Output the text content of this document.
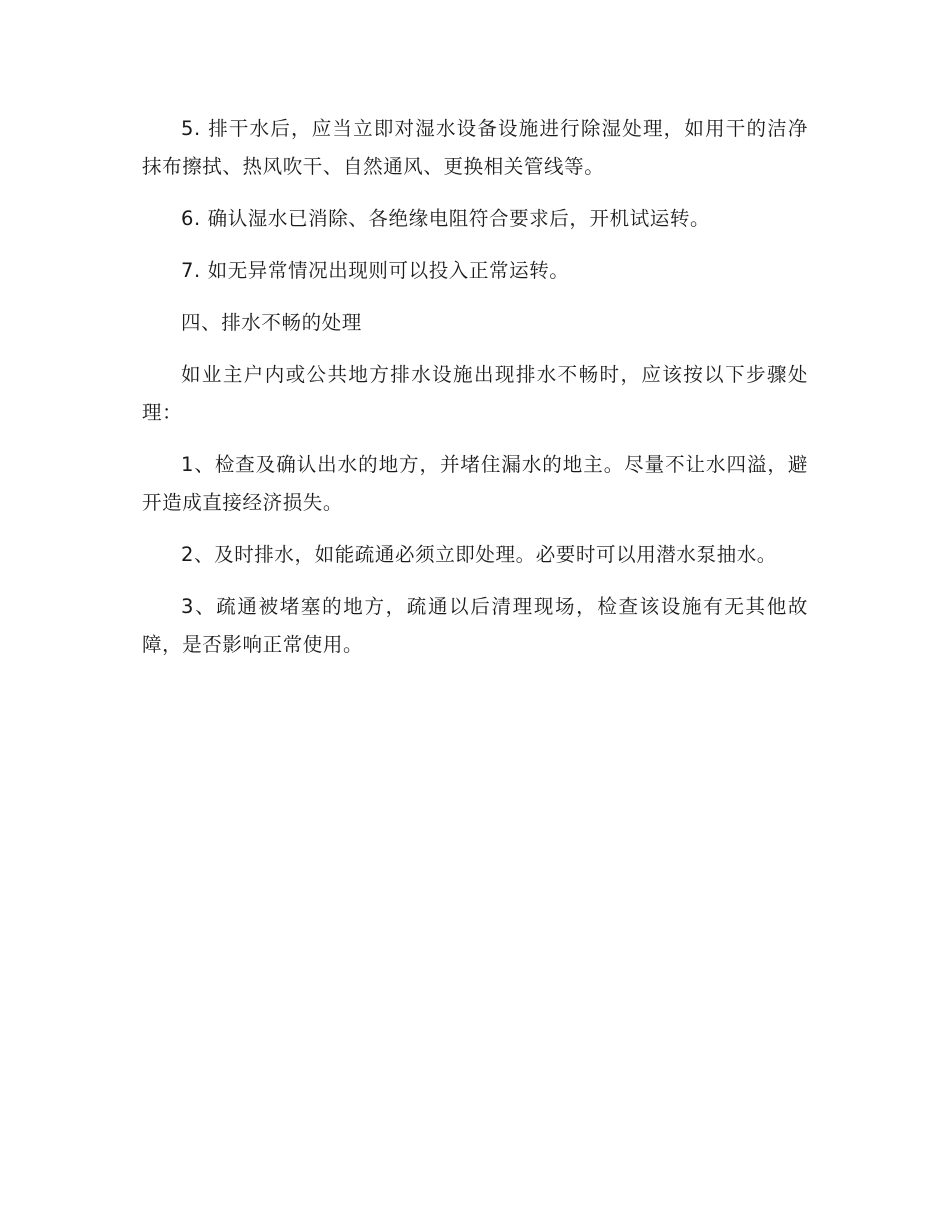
5. 排干水后，应当立即对湿水设备设施进行除湿处理，如用干的洁净抹布擦拭、热风吹干、自然通风、更换相关管线等。

6. 确认湿水已消除、各绝缘电阻符合要求后，开机试运转。

7. 如无异常情况出现则可以投入正常运转。

四、排水不畅的处理

如业主户内或公共地方排水设施出现排水不畅时，应该按以下步骤处理：

1、检查及确认出水的地方，并堵住漏水的地主。尽量不让水四溢，避开造成直接经济损失。

2、及时排水，如能疏通必须立即处理。必要时可以用潜水泵抽水。

3、疏通被堵塞的地方，疏通以后清理现场，检查该设施有无其他故障，是否影响正常使用。
